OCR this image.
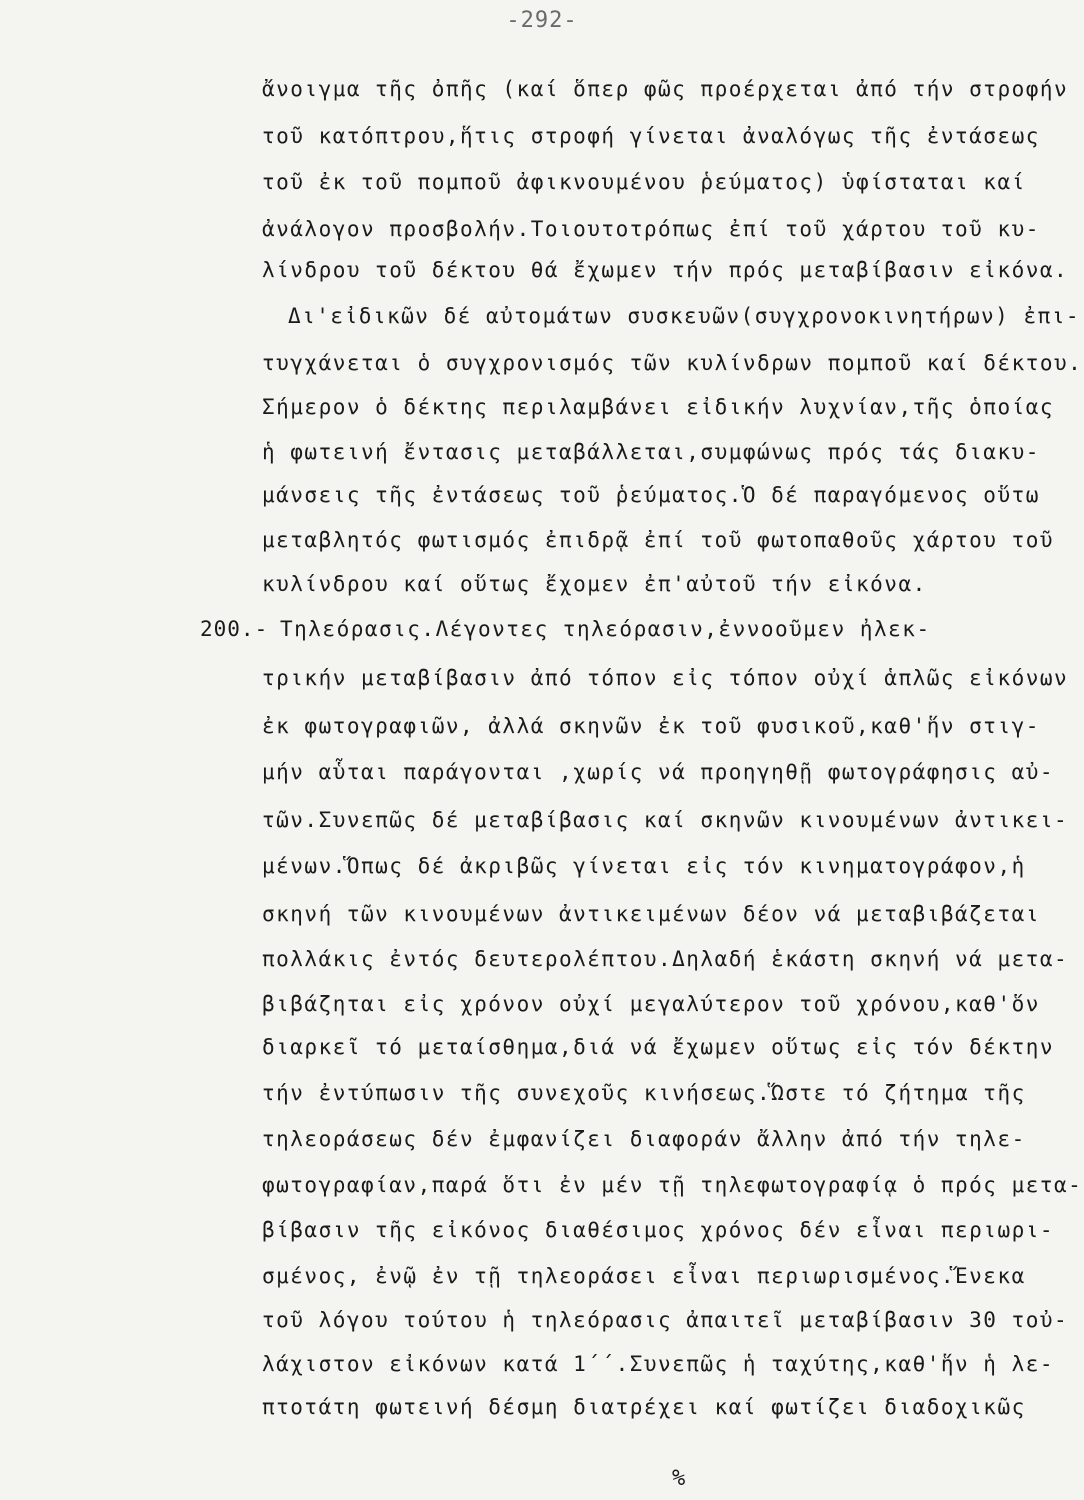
-292-
ἄνοιγμα τῆς ὀπῆς (καί ὅπερ φῶς προέρχεται ἀπό τήν στροφήν
τοῦ κατόπτρου,ἥτις στροφή γίνεται ἀναλόγως τῆς ἐντάσεως
τοῦ ἐκ τοῦ πομποῦ ἀφικνουμένου ῥεύματος) ὑφίσταται καί
ἀνάλογον προσβολήν.Τοιουτοτρόπως ἐπί τοῦ χάρτου τοῦ κυ-
λίνδρου τοῦ δέκτου θά ἔχωμεν τήν πρός μεταβίβασιν εἰκόνα.
Δι'εἰδικῶν δέ αὐτομάτων συσκευῶν(συγχρονοκινητήρων) ἐπι-
τυγχάνεται ὁ συγχρονισμός τῶν κυλίνδρων πομποῦ καί δέκτου.
Σήμερον ὁ δέκτης περιλαμβάνει εἰδικήν λυχνίαν,τῆς ὁποίας
ἡ φωτεινή ἔντασις μεταβάλλεται,συμφώνως πρός τάς διακυ-
μάνσεις τῆς ἐντάσεως τοῦ ῥεύματος.Ὁ δέ παραγόμενος οὕτω
μεταβλητός φωτισμός ἐπιδρᾷ ἐπί τοῦ φωτοπαθοῦς χάρτου τοῦ
κυλίνδρου καί οὕτως ἔχομεν ἐπ'αὐτοῦ τήν εἰκόνα.
Τηλεόρασις.Λέγοντες τηλεόρασιν,ἐννοοῦμεν ἠλεκ-
τρικήν μεταβίβασιν ἀπό τόπον εἰς τόπον οὐχί ἁπλῶς εἰκόνων
ἐκ φωτογραφιῶν, ἀλλά σκηνῶν ἐκ τοῦ φυσικοῦ,καθ'ἥν στιγ-
μήν αὗται παράγονται ,χωρίς νά προηγηθῇ φωτογράφησις αὐ-
τῶν.Συνεπῶς δέ μεταβίβασις καί σκηνῶν κινουμένων ἀντικει-
μένων.Ὅπως δέ ἀκριβῶς γίνεται εἰς τόν κινηματογράφον,ἡ
σκηνή τῶν κινουμένων ἀντικειμένων δέον νά μεταβιβάζεται
πολλάκις ἐντός δευτερολέπτου.Δηλαδή ἑκάστη σκηνή νά μετα-
βιβάζηται εἰς χρόνον οὐχί μεγαλύτερον τοῦ χρόνου,καθ'ὅν
διαρκεῖ τό μεταίσθημα,διά νά ἔχωμεν οὕτως εἰς τόν δέκτην
τήν ἐντύπωσιν τῆς συνεχοῦς κινήσεως.Ὥστε τό ζήτημα τῆς
τηλεοράσεως δέν ἐμφανίζει διαφοράν ἄλλην ἀπό τήν τηλε-
φωτογραφίαν,παρά ὅτι ἐν μέν τῇ τηλεφωτογραφίᾳ ὁ πρός μετα-
βίβασιν τῆς εἰκόνος διαθέσιμος χρόνος δέν εἶναι περιωρι-
σμένος, ἐνῷ ἐν τῇ τηλεοράσει εἶναι περιωρισμένος.Ἕνεκα
τοῦ λόγου τούτου ἡ τηλεόρασις ἀπαιτεῖ μεταβίβασιν 30 τοὐ-
λάχιστον εἰκόνων κατά 1΄΄.Συνεπῶς ἡ ταχύτης,καθ'ἥν ἡ λε-
πτοτάτη φωτεινή δέσμη διατρέχει καί φωτίζει διαδοχικῶς
200.-
%
